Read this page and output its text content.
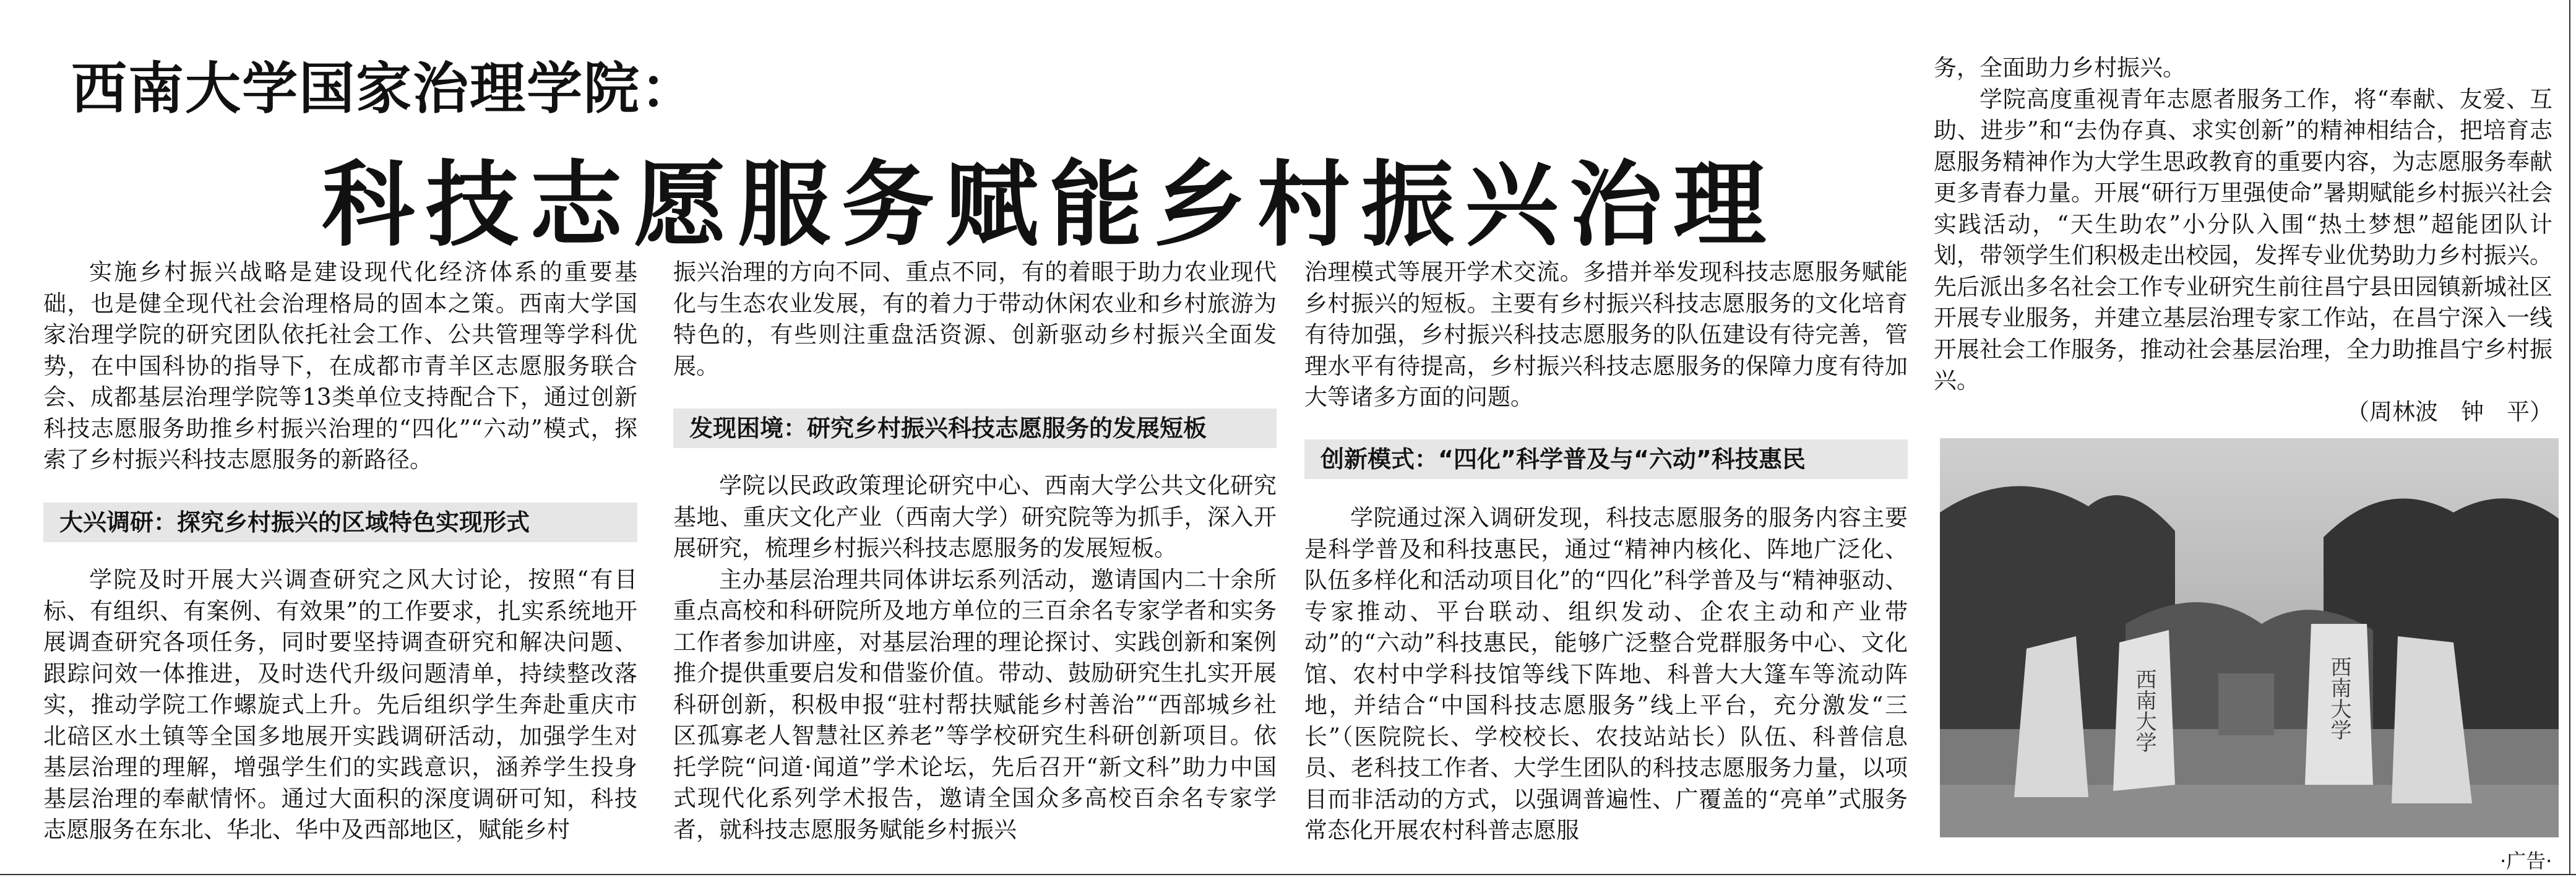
西南大学国家治理学院：
科技志愿服务赋能乡村振兴治理

实施乡村振兴战略是建设现代化经济体系的重要基础，也是健全现代社会治理格局的固本之策。西南大学国家治理学院的研究团队依托社会工作、公共管理等学科优势，在中国科协的指导下，在成都市青羊区志愿服务联合会、成都基层治理学院等13类单位支持配合下，通过创新科技志愿服务助推乡村振兴治理的“四化”“六动”模式，探索了乡村振兴科技志愿服务的新路径。

大兴调研：探究乡村振兴的区域特色实现形式

学院及时开展大兴调查研究之风大讨论，按照“有目标、有组织、有案例、有效果”的工作要求，扎实系统地开展调查研究各项任务，同时要坚持调查研究和解决问题、跟踪问效一体推进，及时迭代升级问题清单，持续整改落实，推动学院工作螺旋式上升。先后组织学生奔赴重庆市北碚区水土镇等全国多地展开实践调研活动，加强学生对基层治理的理解，增强学生们的实践意识，涵养学生投身基层治理的奉献情怀。通过大面积的深度调研可知，科技志愿服务在东北、华北、华中及西部地区，赋能乡村

振兴治理的方向不同、重点不同，有的着眼于助力农业现代化与生态农业发展，有的着力于带动休闲农业和乡村旅游为特色的，有些则注重盘活资源、创新驱动乡村振兴全面发展。

发现困境：研究乡村振兴科技志愿服务的发展短板

学院以民政政策理论研究中心、西南大学公共文化研究基地、重庆文化产业（西南大学）研究院等为抓手，深入开展研究，梳理乡村振兴科技志愿服务的发展短板。

主办基层治理共同体讲坛系列活动，邀请国内二十余所重点高校和科研院所及地方单位的三百余名专家学者和实务工作者参加讲座，对基层治理的理论探讨、实践创新和案例推介提供重要启发和借鉴价值。带动、鼓励研究生扎实开展科研创新，积极申报“驻村帮扶赋能乡村善治”“西部城乡社区孤寡老人智慧社区养老”等学校研究生科研创新项目。依托学院“问道·闻道”学术论坛，先后召开“新文科”助力中国式现代化系列学术报告，邀请全国众多高校百余名专家学者，就科技志愿服务赋能乡村振兴

治理模式等展开学术交流。多措并举发现科技志愿服务赋能乡村振兴的短板。主要有乡村振兴科技志愿服务的文化培育有待加强，乡村振兴科技志愿服务的队伍建设有待完善，管理水平有待提高，乡村振兴科技志愿服务的保障力度有待加大等诸多方面的问题。

创新模式：“四化”科学普及与“六动”科技惠民

学院通过深入调研发现，科技志愿服务的服务内容主要是科学普及和科技惠民，通过“精神内核化、阵地广泛化、队伍多样化和活动项目化”的“四化”科学普及与“精神驱动、专家推动、平台联动、组织发动、企农主动和产业带动”的“六动”科技惠民，能够广泛整合党群服务中心、文化馆、农村中学科技馆等线下阵地、科普大大篷车等流动阵地，并结合“中国科技志愿服务”线上平台，充分激发“三长”（医院院长、学校校长、农技站站长）队伍、科普信息员、老科技工作者、大学生团队的科技志愿服务力量，以项目而非活动的方式，以强调普遍性、广覆盖的“亮单”式服务常态化开展农村科普志愿服

务，全面助力乡村振兴。

学院高度重视青年志愿者服务工作，将“奉献、友爱、互助、进步”和“去伪存真、求实创新”的精神相结合，把培育志愿服务精神作为大学生思政教育的重要内容，为志愿服务奉献更多青春力量。开展“研行万里强使命”暑期赋能乡村振兴社会实践活动，“天生助农”小分队入围“热土梦想”超能团队计划，带领学生们积极走出校园，发挥专业优势助力乡村振兴。先后派出多名社会工作专业研究生前往昌宁县田园镇新城社区开展专业服务，并建立基层治理专家工作站，在昌宁深入一线开展社会工作服务，推动社会基层治理，全力助推昌宁乡村振兴。

（周林波　钟　平）
西南大学	西南大学
·广告·
